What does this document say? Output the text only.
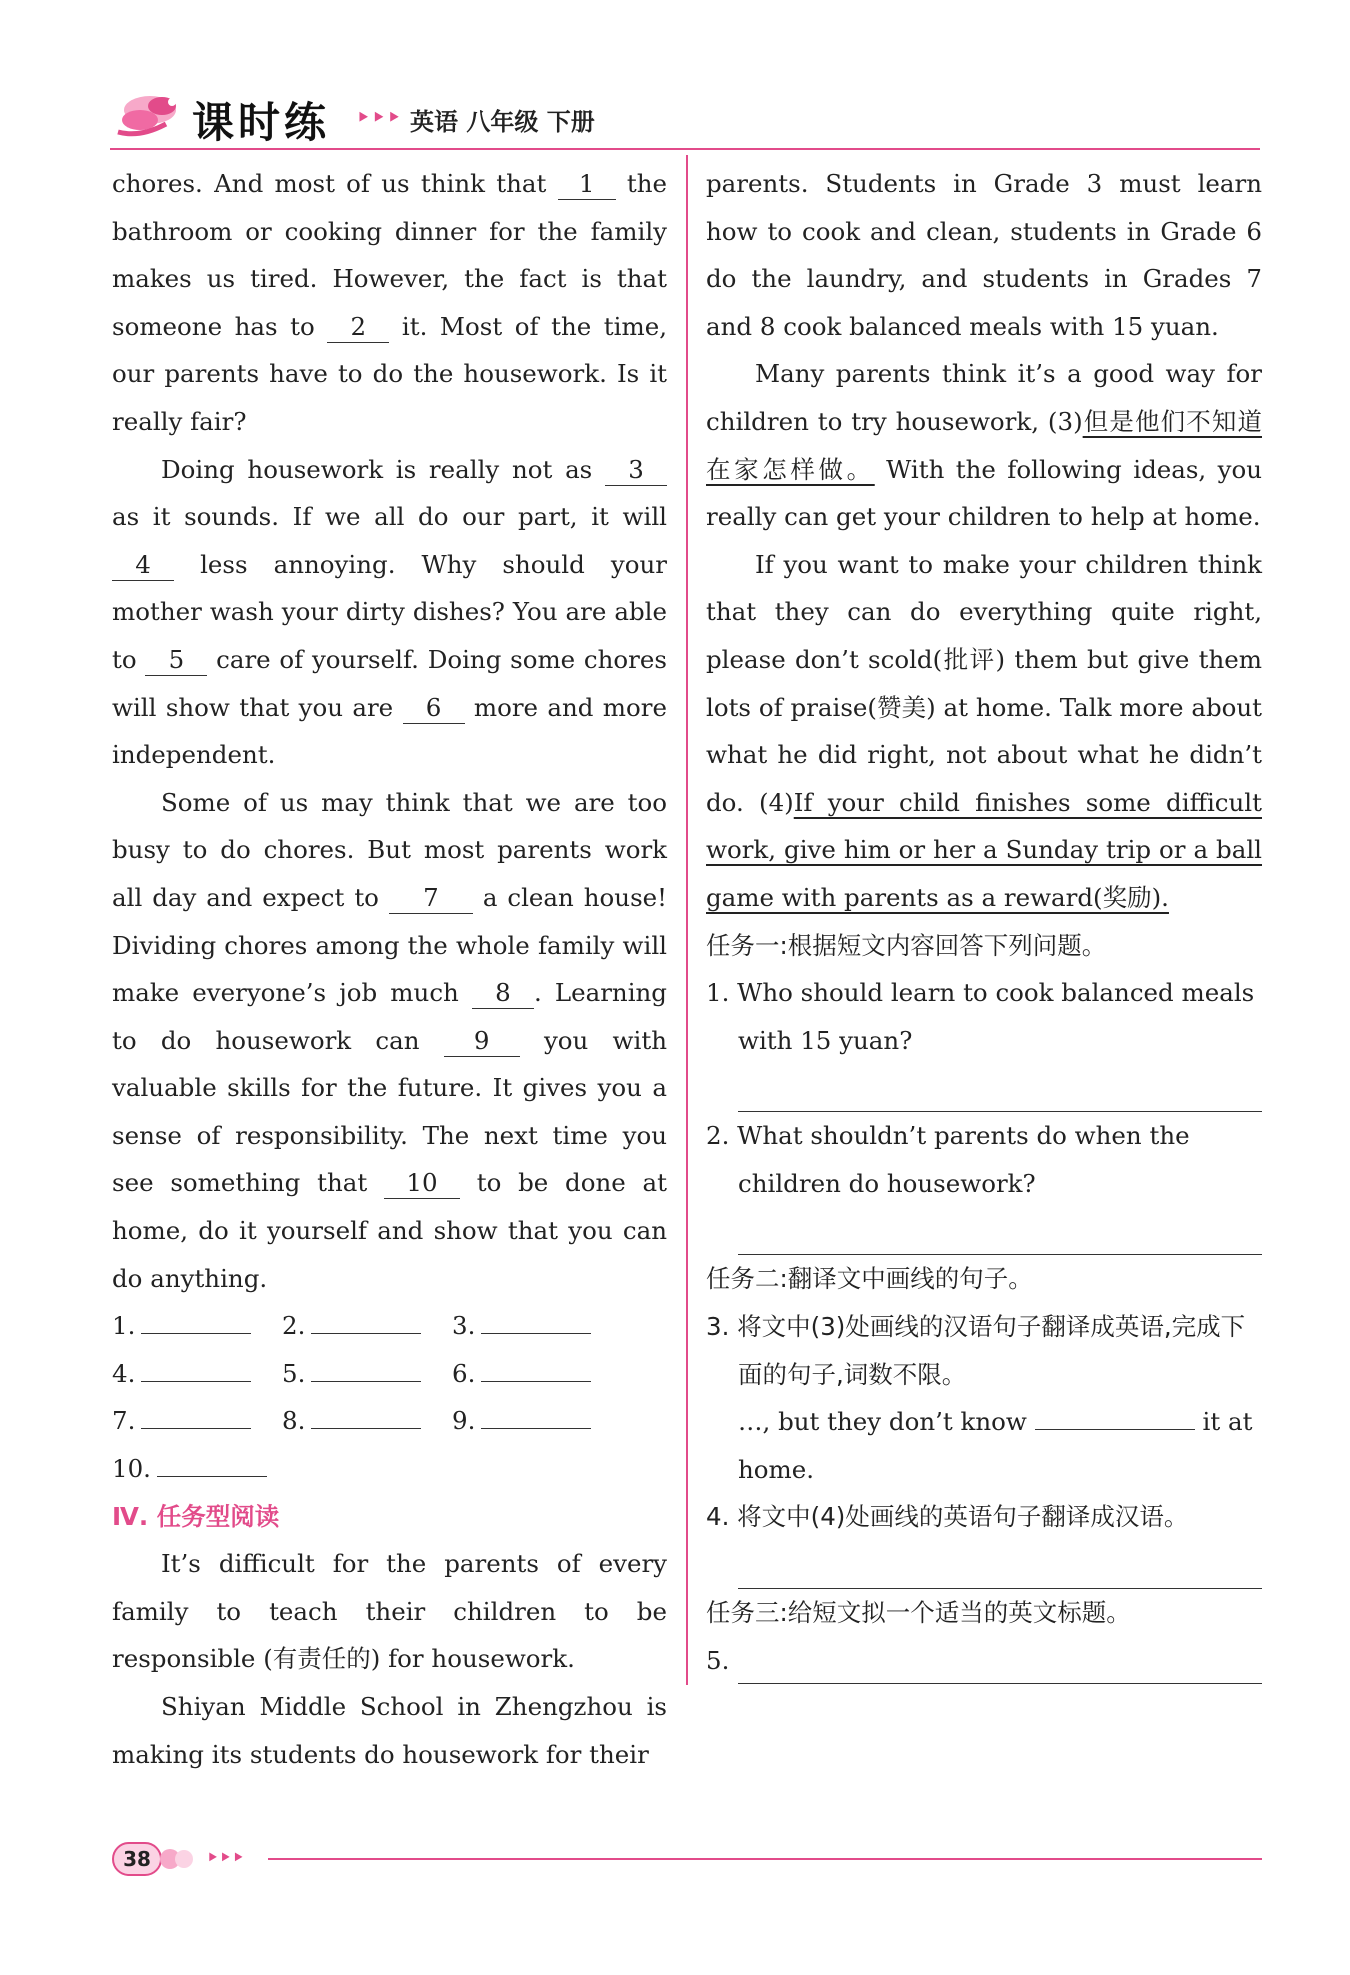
课时练 ⯈⯈⯈ 英语 八年级 下册

chores. And most of us think that 1 the bathroom or cooking dinner for the family makes us tired. However, the fact is that someone has to 2 it. Most of the time, our parents have to do the housework. Is it really fair?

Doing housework is really not as 3 as it sounds. If we all do our part, it will 4 less annoying. Why should your mother wash your dirty dishes? You are able to 5 care of yourself. Doing some chores will show that you are 6 more and more independent.

Some of us may think that we are too busy to do chores. But most parents work all day and expect to 7 a clean house! Dividing chores among the whole family will make everyone’s job much 8 . Learning to do housework can 9 you with valuable skills for the future. It gives you a sense of responsibility. The next time you see something that 10 to be done at home, do it yourself and show that you can do anything.

1.	2.	3.
4.	5.	6.
7.	8.	9.
10.

Ⅳ. 任务型阅读

It’s difficult for the parents of every family to teach their children to be responsible (有责任的) for housework.

Shiyan Middle School in Zhengzhou is making its students do housework for their

parents. Students in Grade 3 must learn how to cook and clean, students in Grade 6 do the laundry, and students in Grades 7 and 8 cook balanced meals with 15 yuan.

Many parents think it’s a good way for children to try housework, (3)但是他们不知道在家怎样做。 With the following ideas, you really can get your children to help at home.

If you want to make your children think that they can do everything quite right, please don’t scold(批评) them but give them lots of praise(赞美) at home. Talk more about what he did right, not about what he didn’t do. (4)If your child finishes some difficult work, give him or her a Sunday trip or a ball game with parents as a reward(奖励).

任务一:根据短文内容回答下列问题。

1. Who should learn to cook balanced meals with 15 yuan?

2. What shouldn’t parents do when the children do housework?

任务二:翻译文中画线的句子。

3. 将文中(3)处画线的汉语句子翻译成英语,完成下面的句子,词数不限。

…, but they don’t know	it at home.

4. 将文中(4)处画线的英语句子翻译成汉语。

任务三:给短文拟一个适当的英文标题。

5.
38	⯈⯈⯈
